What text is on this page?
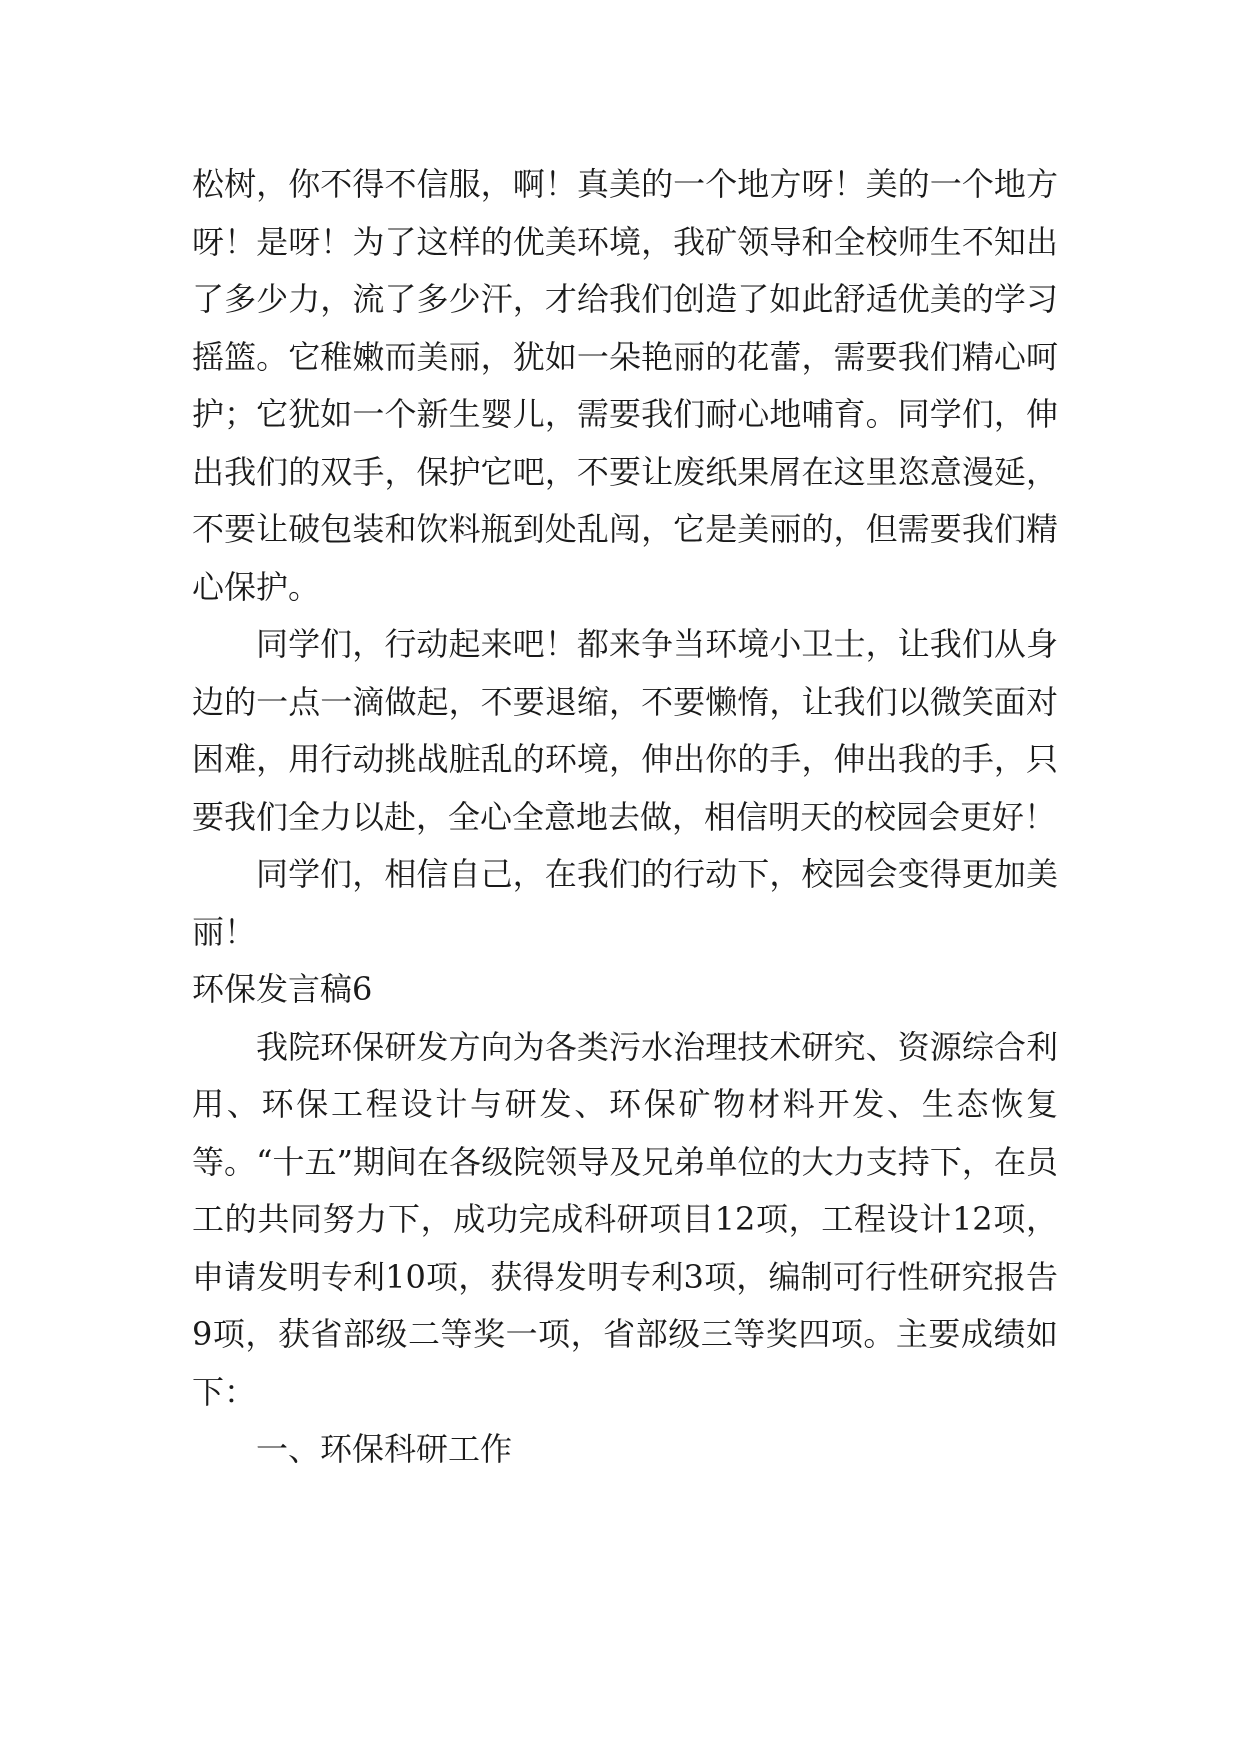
松树，你不得不信服，啊！真美的一个地方呀！美的一个地方呀！是呀！为了这样的优美环境，我矿领导和全校师生不知出了多少力，流了多少汗，才给我们创造了如此舒适优美的学习摇篮。它稚嫩而美丽，犹如一朵艳丽的花蕾，需要我们精心呵护；它犹如一个新生婴儿，需要我们耐心地哺育。同学们，伸出我们的双手，保护它吧，不要让废纸果屑在这里恣意漫延，不要让破包装和饮料瓶到处乱闯，它是美丽的，但需要我们精心保护。

同学们，行动起来吧！都来争当环境小卫士，让我们从身边的一点一滴做起，不要退缩，不要懒惰，让我们以微笑面对困难，用行动挑战脏乱的环境，伸出你的手，伸出我的手，只要我们全力以赴，全心全意地去做，相信明天的校园会更好！

同学们，相信自己，在我们的行动下，校园会变得更加美丽！

环保发言稿6

我院环保研发方向为各类污水治理技术研究、资源综合利用、环保工程设计与研发、环保矿物材料开发、生态恢复等。“十五”期间在各级院领导及兄弟单位的大力支持下，在员工的共同努力下，成功完成科研项目12项，工程设计12项，申请发明专利10项，获得发明专利3项，编制可行性研究报告9项，获省部级二等奖一项，省部级三等奖四项。主要成绩如下：

一、环保科研工作
